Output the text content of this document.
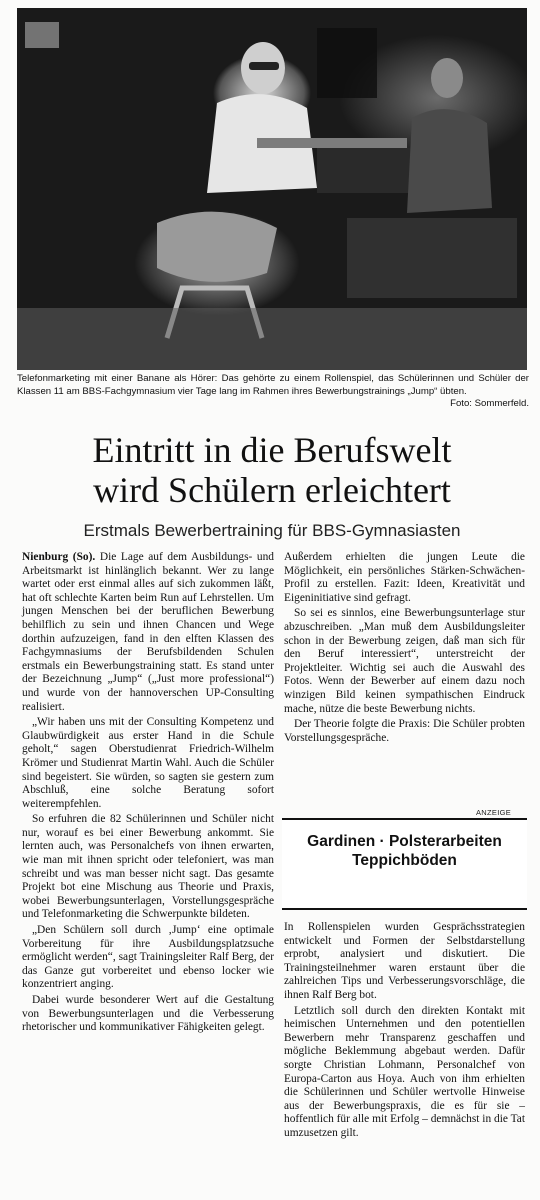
Telefonmarketing mit einer Banane als Hörer: Das gehörte zu einem Rollenspiel, das Schülerinnen und Schüler der Klassen 11 am BBS-Fachgymnasium vier Tage lang im Rahmen ihres Bewerbungstrainings „Jump“ übten.
Foto: Sommerfeld.
Eintritt in die Berufswelt
wird Schülern erleichtert
Erstmals Bewerbertraining für BBS-Gymnasiasten

Nienburg (So). Die Lage auf dem Ausbildungs- und Arbeitsmarkt ist hinlänglich bekannt. Wer zu lange wartet oder erst einmal alles auf sich zukommen läßt, hat oft schlechte Karten beim Run auf Lehrstellen. Um jungen Menschen bei der beruflichen Bewerbung behilflich zu sein und ihnen Chancen und Wege dorthin aufzuzeigen, fand in den elften Klassen des Fachgymnasiums der Berufsbildenden Schulen erstmals ein Bewerbungstraining statt. Es stand unter der Bezeichnung „Jump“ („Just more professional“) und wurde von der hannoverschen UP-Consulting realisiert.

„Wir haben uns mit der Consulting Kompetenz und Glaubwürdigkeit aus erster Hand in die Schule geholt,“ sagen Oberstudienrat Friedrich-Wilhelm Krömer und Studienrat Martin Wahl. Auch die Schüler sind begeistert. Sie würden, so sagten sie gestern zum Abschluß, eine solche Beratung sofort weiterempfehlen.

So erfuhren die 82 Schülerinnen und Schüler nicht nur, worauf es bei einer Bewerbung ankommt. Sie lernten auch, was Personalchefs von ihnen erwarten, wie man mit ihnen spricht oder telefoniert, was man schreibt und was man besser nicht sagt. Das gesamte Projekt bot eine Mischung aus Theorie und Praxis, wobei Bewerbungsunterlagen, Vorstellungsgespräche und Telefonmarketing die Schwerpunkte bildeten.

„Den Schülern soll durch ‚Jump‘ eine optimale Vorbereitung für ihre Ausbildungsplatzsuche ermöglicht werden“, sagt Trainingsleiter Ralf Berg, der das Ganze gut vorbereitet und ebenso locker wie konzentriert anging.

Dabei wurde besonderer Wert auf die Gestaltung von Bewerbungsunterlagen und die Verbesserung rhetorischer und kommunikativer Fähigkeiten gelegt.

Außerdem erhielten die jungen Leute die Möglichkeit, ein persönliches Stärken-Schwächen-Profil zu erstellen. Fazit: Ideen, Kreativität und Eigeninitiative sind gefragt.

So sei es sinnlos, eine Bewerbungsunterlage stur abzuschreiben. „Man muß dem Ausbildungsleiter schon in der Bewerbung zeigen, daß man sich für den Beruf interessiert“, unterstreicht der Projektleiter. Wichtig sei auch die Auswahl des Fotos. Wenn der Bewerber auf einem dazu noch winzigen Bild keinen sympathischen Eindruck mache, nütze die beste Bewerbung nichts.

Der Theorie folgte die Praxis: Die Schüler probten Vorstellungsgespräche.

ANZEIGE
Gardinen · Polsterarbeiten
Teppichböden

In Rollenspielen wurden Gesprächsstrategien entwickelt und Formen der Selbstdarstellung erprobt, analysiert und diskutiert. Die Trainingsteilnehmer waren erstaunt über die zahlreichen Tips und Verbesserungsvorschläge, die ihnen Ralf Berg bot.

Letztlich soll durch den direkten Kontakt mit heimischen Unternehmen und den potentiellen Bewerbern mehr Transparenz geschaffen und mögliche Beklemmung abgebaut werden. Dafür sorgte Christian Lohmann, Personalchef von Europa-Carton aus Hoya. Auch von ihm erhielten die Schülerinnen und Schüler wertvolle Hinweise aus der Bewerbungspraxis, die es für sie – hoffentlich für alle mit Erfolg – demnächst in die Tat umzusetzen gilt.
